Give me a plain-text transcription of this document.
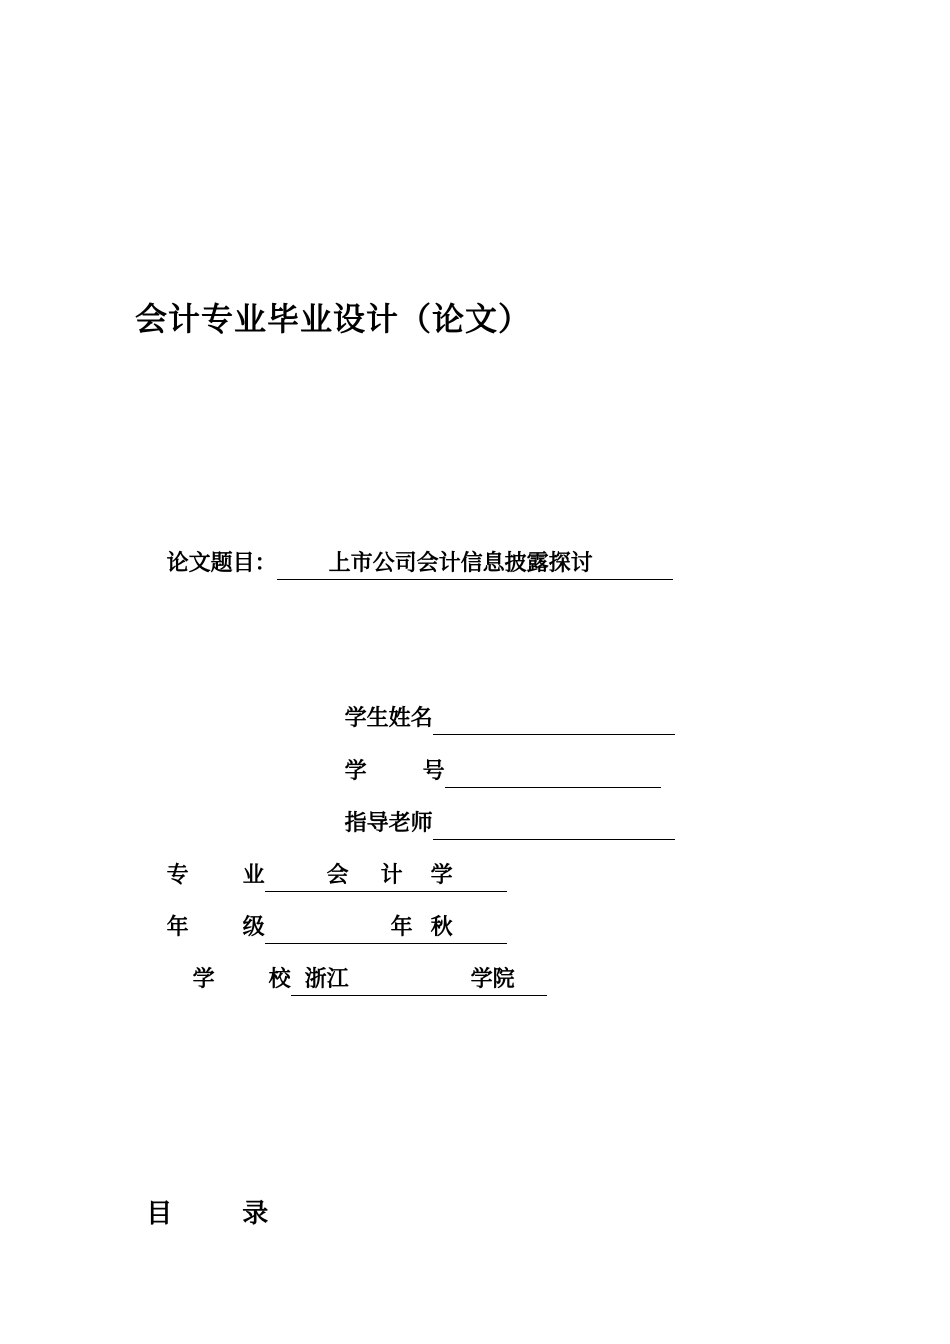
会计专业毕业设计（论文）

论文题目： 上市公司会计信息披露探讨

学生姓名

学	号

指导老师

专 业	会 计 学

年 级	年 秋

学 校 浙江	学院

目	录
